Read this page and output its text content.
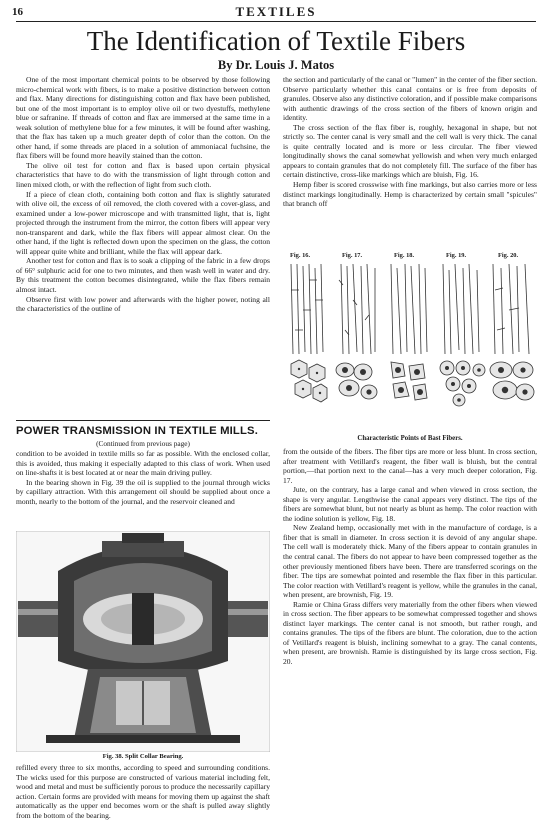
16	TEXTILES
The Identification of Textile Fibers
By Dr. Louis J. Matos

One of the most important chemical points to be observed by those following micro-chemical work with fibers, is to make a positive distinction between cotton and flax. Many directions for distinguishing cotton and flax have been published, but one of the most important is to employ olive oil or two dyestuffs, methylene blue or safranine. If threads of cotton and flax are immersed at the same time in a weak solution of methylene blue for a few minutes, it will be found after washing, that the flax has taken up a much greater depth of color than the cotton. On the other hand, if some threads are placed in a solution of ammoniacal fuchsine, the flax fibers will be found more heavily stained than the cotton.

The olive oil test for cotton and flax is based upon certain physical characteristics that have to do with the transmission of light through cotton and linen mixed cloth, or with the reflection of light from such cloth.

If a piece of clean cloth, containing both cotton and flax is slightly saturated with olive oil, the excess of oil removed, the cloth covered with a cover-glass, and examined under a low-power microscope and with transmitted light, that is, light projected through the instrument from the mirror, the cotton fibers will appear very non-transparent and dark, while the flax fibers will appear almost clear. On the other hand, if the light is reflected down upon the specimen on the glass, the cotton will appear quite white and brilliant, while the flax will appear dark.

Another test for cotton and flax is to soak a clipping of the fabric in a few drops of 66° sulphuric acid for one to two minutes, and then wash well in water and dry. By this treatment the cotton becomes disintegrated, while the flax fibers remain almost intact.

Observe first with low power and afterwards with the higher power, noting all the characteristics of the outline of

POWER TRANSMISSION IN TEXTILE MILLS.
(Continued from previous page)

condition to be avoided in textile mills so far as possible. With the enclosed collar, this is avoided, thus making it especially adapted to this class of work. When used on line-shafts it is best located at or near the main driving pulley.

In the bearing shown in Fig. 39 the oil is supplied to the journal through wicks by capillary attraction. With this arrangement oil should be supplied about once a month, nearly to the bottom of the journal, and the reservoir cleaned and

Fig. 38. Split Collar Bearing.

refilled every three to six months, according to speed and surrounding conditions. The wicks used for this purpose are constructed of various material including felt, wood and metal and must be sufficiently porous to produce the necessarily capillary action. Certain forms are provided with means for moving them up against the shaft automatically as the upper end becomes worn or the shaft is pulled away slightly from the bottom of the bearing.

the section and particularly of the canal or "lumen" in the center of the fiber section. Observe particularly whether this canal contains or is free from deposits of granules. Observe also any distinctive coloration, and if possible make comparisons with authentic drawings of the cross section of the fibers of known origin and identity.

The cross section of the flax fiber is, roughly, hexagonal in shape, but not strictly so. The center canal is very small and the cell wall is very thick. The canal is quite centrally located and is more or less circular. The fiber viewed longitudinally shows the canal somewhat yellowish and when very much enlarged appears to contain granules that do not completely fill. The surface of the fiber has certain distinctive, cross-like markings which are bluish, Fig. 16.

Hemp fiber is scored crosswise with fine markings, but also carries more or less distinct markings longitudinally. Hemp is characterized by certain small "spicules" that branch off

Fig. 16.	Fig. 17.	Fig. 18.	Fig. 19.	Fig. 20.
Characteristic Points of Bast Fibers.

from the outside of the fibers. The fiber tips are more or less blunt. In cross section, after treatment with Vetillard's reagent, the fiber wall is bluish, but the central portion,—that portion next to the canal—has a very much deeper coloration, Fig. 17.

Jute, on the contrary, has a large canal and when viewed in cross section, the shape is very angular. Lengthwise the canal appears very distinct. The tips of the fibers are somewhat blunt, but not nearly as blunt as hemp. The color reaction with the iodine solution is yellow, Fig. 18.

New Zealand hemp, occasionally met with in the manufacture of cordage, is a fiber that is small in diameter. In cross section it is devoid of any angular shape. The cell wall is moderately thick. Many of the fibers appear to contain granules in the central canal. The fibers do not appear to have been compressed together as the other previously mentioned fibers have been. There are transferred scorings on the fiber. The tips are somewhat pointed and resemble the flax fiber in this particular. The color reaction with Vetillard's reagent is yellow, while the granules in the canal, when present, are brownish, Fig. 19.

Ramie or China Grass differs very materially from the other fibers when viewed in cross section. The fiber appears to be somewhat compressed together and shows distinct layer markings. The center canal is not smooth, but rather rough, and contains granules. The tips of the fibers are blunt. The coloration, due to the action of Vetillard's reagent is bluish, inclining somewhat to a gray. The canal contents, when present, are brownish. Ramie is distinguished by its large cross section, Fig. 20.
